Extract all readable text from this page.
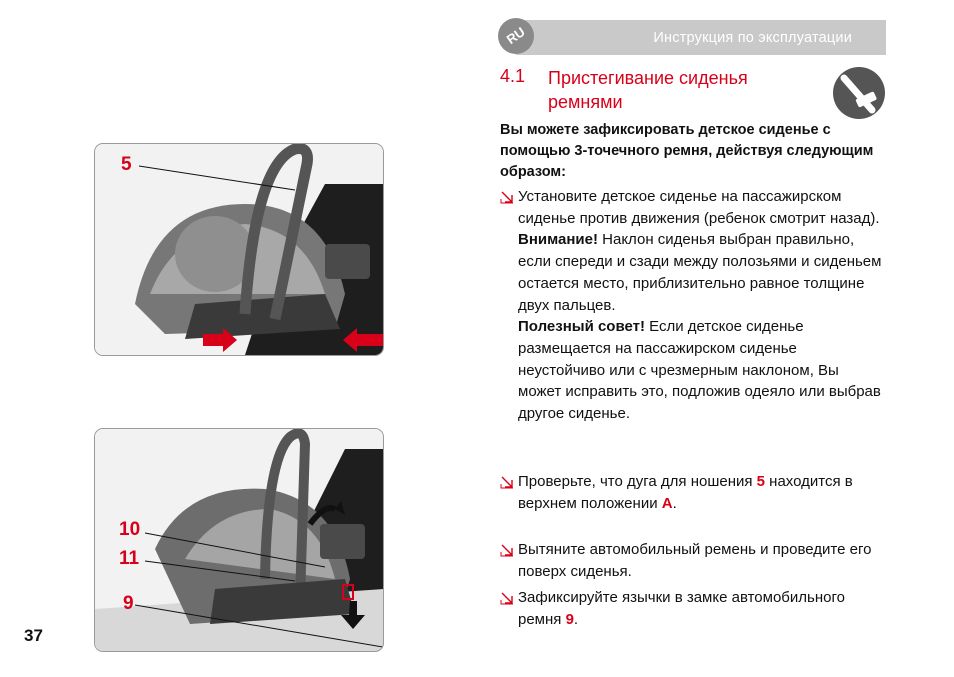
Инструкция по эксплуатации
RU
4.1 Пристегивание сиденья ремнями
Вы можете зафиксировать детское сиденье с помощью 3-точечного ремня, действуя следующим образом:

Установите детское сиденье на пассажирском сиденье против движения (ребенок смотрит назад).

Внимание! Наклон сиденья выбран правильно, если спереди и сзади между полозьями и сиденьем остается место, приблизительно равное толщине двух пальцев.

Полезный совет! Если детское сиденье размещается на пассажирском сиденье неустойчиво или с чрезмерным наклоном, Вы может исправить это, подложив одеяло или выбрав другое сиденье.

Проверьте, что дуга для ношения 5 находится в верхнем положении A.

Вытяните автомобильный ремень и проведите его поверх сиденья.

Зафиксируйте язычки в замке автомобильного ремня 9.

37
5
10
11
9
